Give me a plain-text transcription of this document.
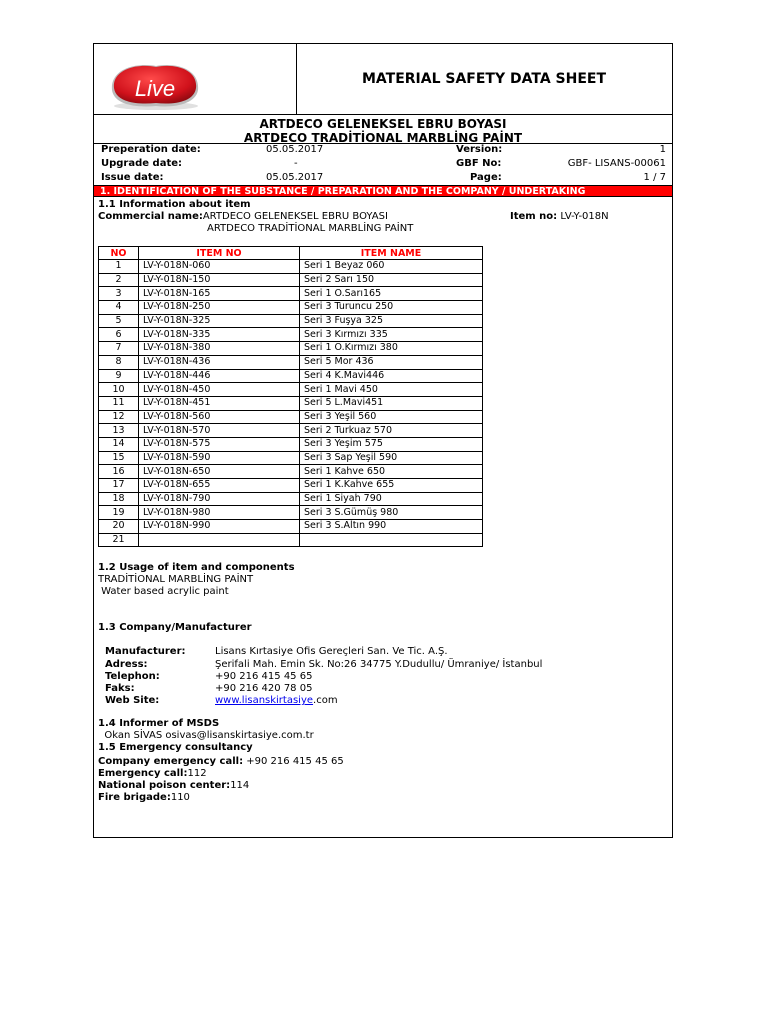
Live	MATERIAL SAFETY DATA SHEET
ARTDECO GELENEKSEL EBRU BOYASI
ARTDECO TRADİTİONAL MARBLİNG PAİNT
Preperation date:	05.05.2017	Version:	1
Upgrade date:	-	GBF No:	GBF- LISANS-00061
Issue date:	05.05.2017	Page:	1 / 7
1. IDENTIFICATION OF THE SUBSTANCE / PREPARATION AND THE COMPANY / UNDERTAKING
1.1 Information about item
Commercial name:ARTDECO GELENEKSEL EBRU BOYASI	Item no: LV-Y-018N
ARTDECO TRADİTİONAL MARBLİNG PAİNT
NO	ITEM NO	ITEM NAME
1	LV-Y-018N-060	Seri 1 Beyaz 060
2	LV-Y-018N-150	Seri 2 Sarı 150
3	LV-Y-018N-165	Seri 1 O.Sarı165
4	LV-Y-018N-250	Seri 3 Turuncu 250
5	LV-Y-018N-325	Seri 3 Fuşya 325
6	LV-Y-018N-335	Seri 3 Kırmızı 335
7	LV-Y-018N-380	Seri 1 O.Kırmızı 380
8	LV-Y-018N-436	Seri 5 Mor 436
9	LV-Y-018N-446	Seri 4 K.Mavi446
10	LV-Y-018N-450	Seri 1 Mavi 450
11	LV-Y-018N-451	Seri 5 L.Mavi451
12	LV-Y-018N-560	Seri 3 Yeşil 560
13	LV-Y-018N-570	Seri 2 Turkuaz 570
14	LV-Y-018N-575	Seri 3 Yeşim 575
15	LV-Y-018N-590	Seri 3 Sap Yeşil 590
16	LV-Y-018N-650	Seri 1 Kahve 650
17	LV-Y-018N-655	Seri 1 K.Kahve 655
18	LV-Y-018N-790	Seri 1 Siyah 790
19	LV-Y-018N-980	Seri 3 S.Gümüş 980
20	LV-Y-018N-990	Seri 3 S.Altın 990
21		
1.2 Usage of item and components
TRADİTİONAL MARBLİNG PAİNT
Water based acrylic paint
1.3 Company/Manufacturer
Manufacturer:	Lisans Kırtasiye Ofis Gereçleri San. Ve Tic. A.Ş.
Adress:	Şerifali Mah. Emin Sk. No:26 34775 Y.Dudullu/ Ümraniye/ İstanbul
Telephon:	+90 216 415 45 65
Faks:	+90 216 420 78 05
Web Site:	www.lisanskirtasiye.com
1.4 Informer of MSDS
Okan SİVAS osivas@lisanskirtasiye.com.tr
1.5 Emergency consultancy
Company emergency call: +90 216 415 45 65
Emergency call:112
National poison center:114
Fire brigade:110
